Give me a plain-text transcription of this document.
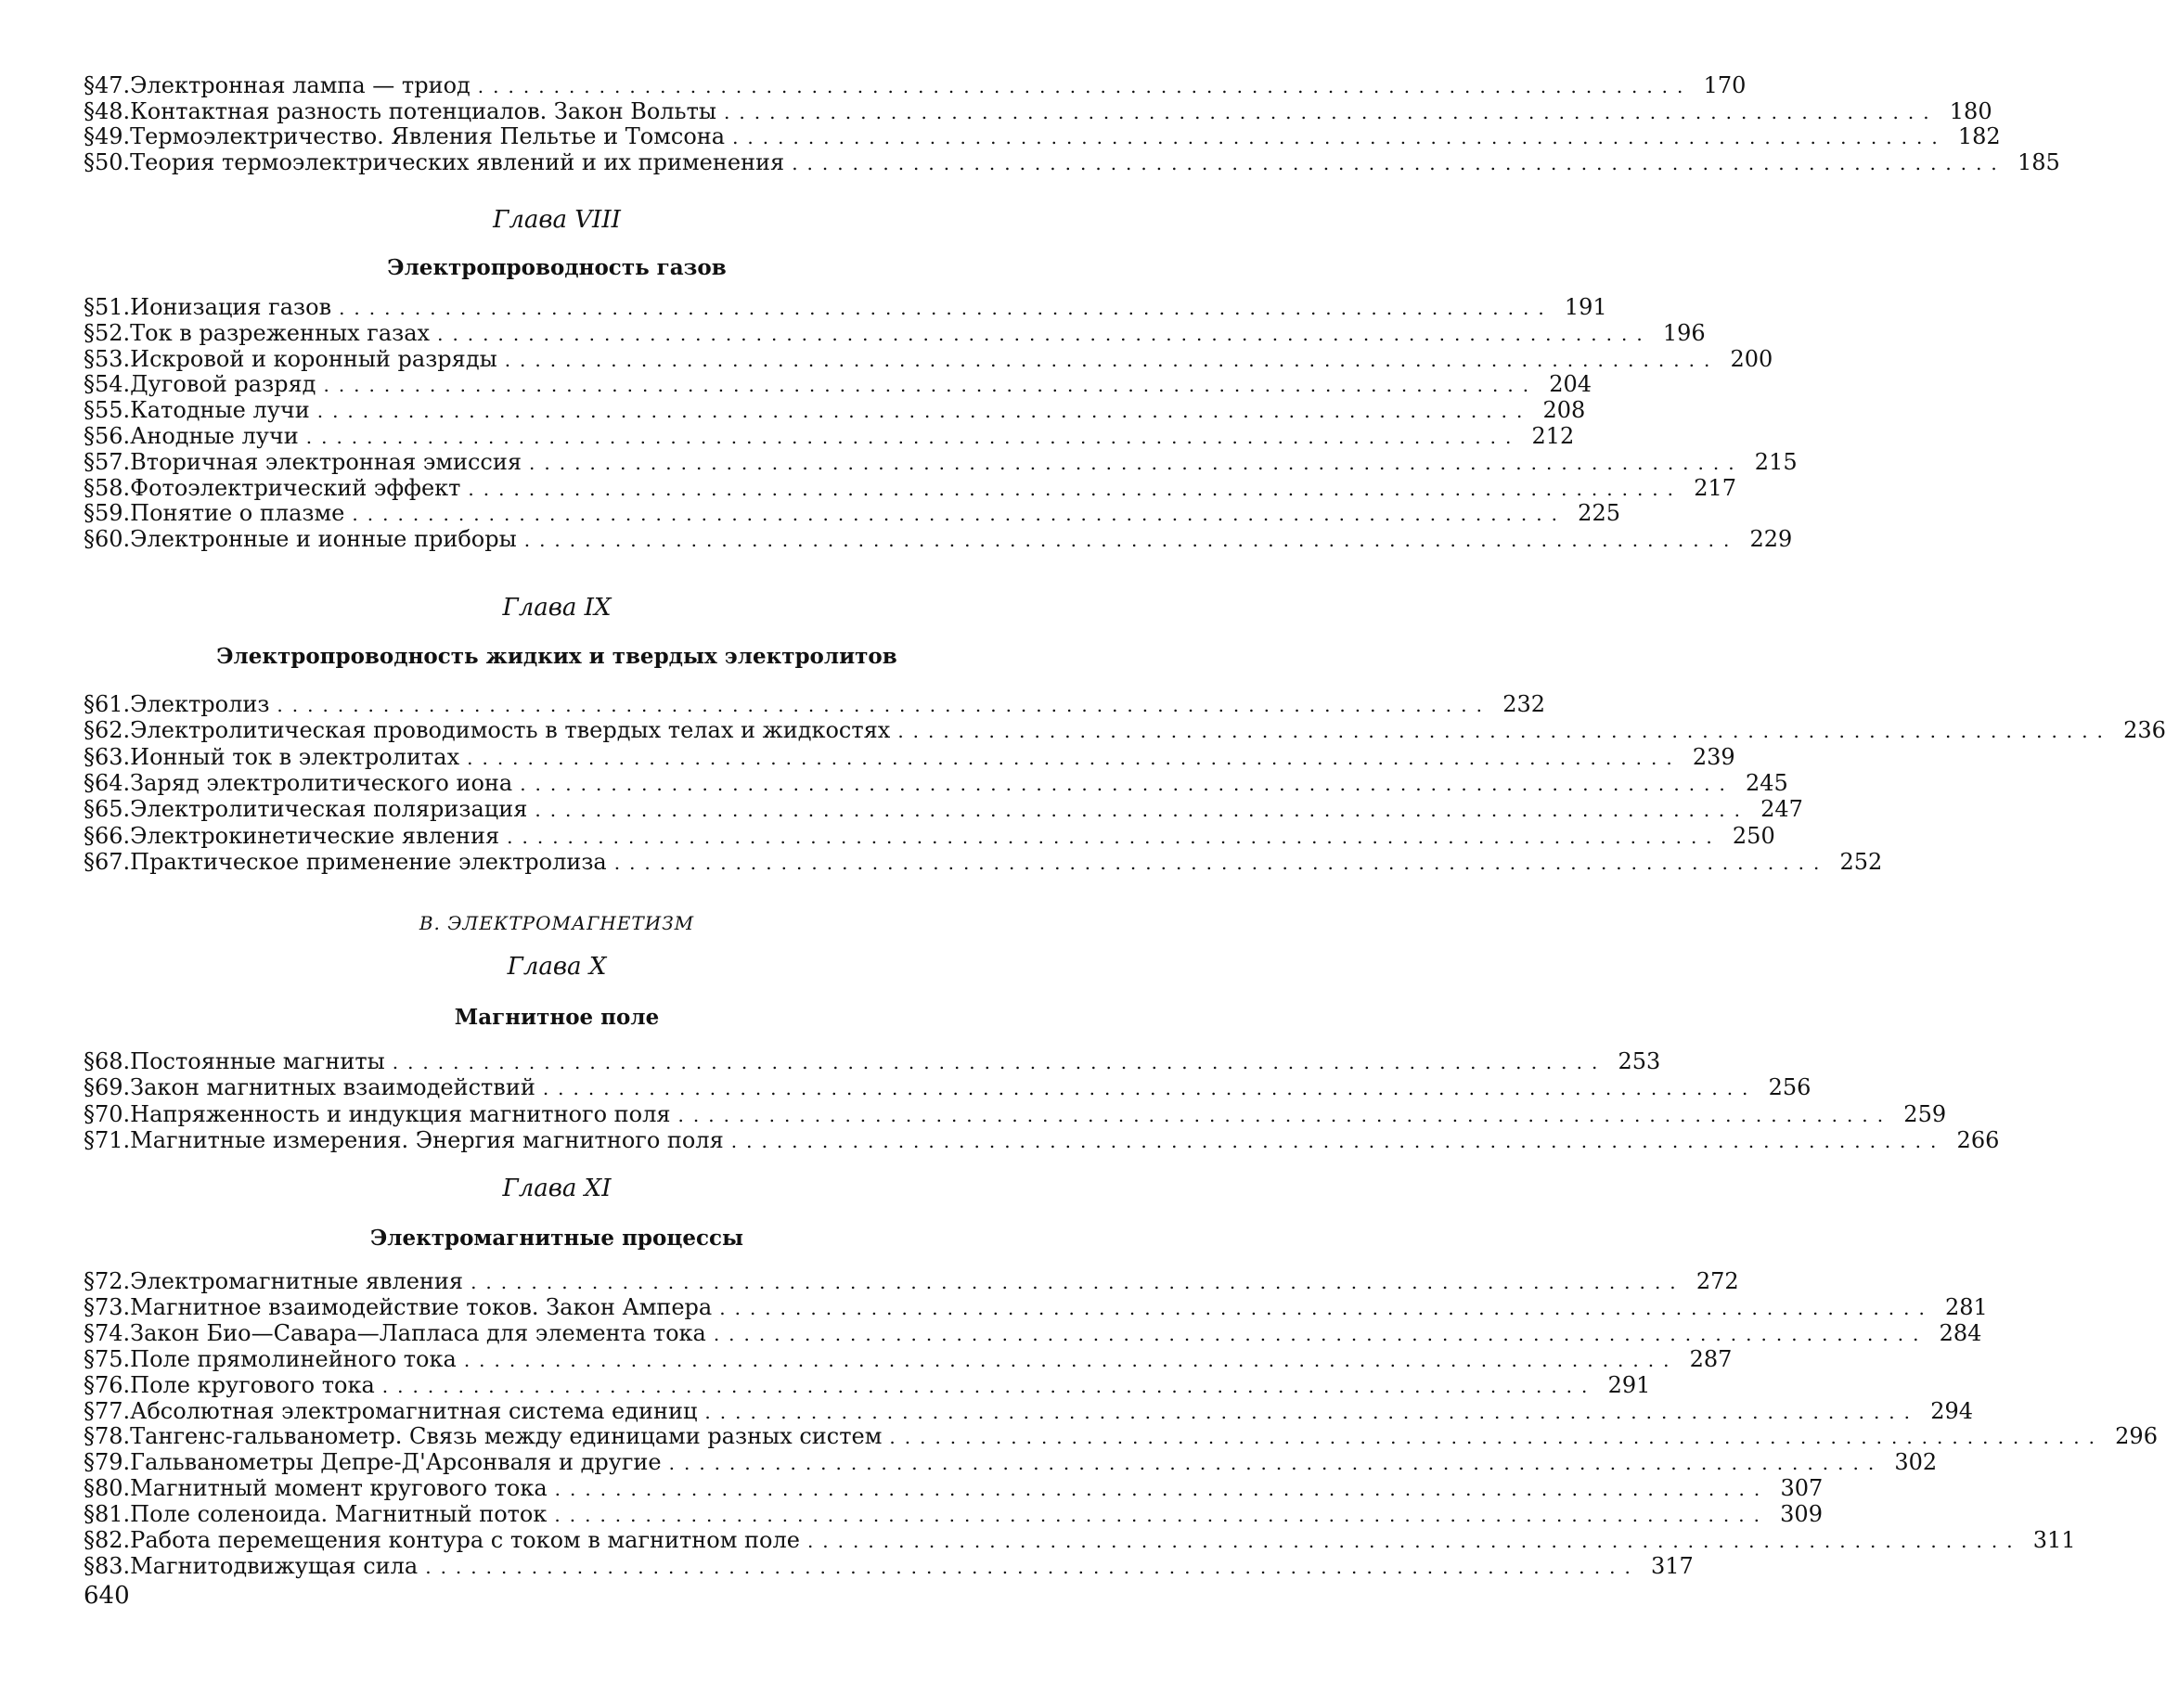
§ 47. Электронная лампа — триод ................................................................................ 170
§ 48. Контактная разность потенциалов. Закон Вольты ................................................................................ 180
§ 49. Термоэлектричество. Явления Пельтье и Томсона ................................................................................ 182
§ 50. Теория термоэлектрических явлений и их применения ................................................................................ 185
Глава VIII
Электропроводность газов
§ 51. Ионизация газов ................................................................................ 191
§ 52. Ток в разреженных газах ................................................................................ 196
§ 53. Искровой и коронный разряды ................................................................................ 200
§ 54. Дуговой разряд ................................................................................ 204
§ 55. Катодные лучи ................................................................................ 208
§ 56. Анодные лучи ................................................................................ 212
§ 57. Вторичная электронная эмиссия ................................................................................ 215
§ 58. Фотоэлектрический эффект ................................................................................ 217
§ 59. Понятие о плазме ................................................................................ 225
§ 60. Электронные и ионные приборы ................................................................................ 229
Глава IX
Электропроводность жидких и твердых электролитов
§ 61. Электролиз ................................................................................ 232
§ 62. Электролитическая проводимость в твердых телах и жидкостях ................................................................................ 236
§ 63. Ионный ток в электролитах ................................................................................ 239
§ 64. Заряд электролитического иона ................................................................................ 245
§ 65. Электролитическая поляризация ................................................................................ 247
§ 66. Электрокинетические явления ................................................................................ 250
§ 67. Практическое применение электролиза ................................................................................ 252
В. ЭЛЕКТРОМАГНЕТИЗМ
Глава X
Магнитное поле
§ 68. Постоянные магниты ................................................................................ 253
§ 69. Закон магнитных взаимодействий ................................................................................ 256
§ 70. Напряженность и индукция магнитного поля ................................................................................ 259
§ 71. Магнитные измерения. Энергия магнитного поля ................................................................................ 266
Глава XI
Электромагнитные процессы
§ 72. Электромагнитные явления ................................................................................ 272
§ 73. Магнитное взаимодействие токов. Закон Ампера ................................................................................ 281
§ 74. Закон Био—Савара—Лапласа для элемента тока ................................................................................ 284
§ 75. Поле прямолинейного тока ................................................................................ 287
§ 76. Поле кругового тока ................................................................................ 291
§ 77. Абсолютная электромагнитная система единиц ................................................................................ 294
§ 78. Тангенс-гальванометр. Связь между единицами разных систем ................................................................................ 296
§ 79. Гальванометры Депре-Д'Арсонваля и другие ................................................................................ 302
§ 80. Магнитный момент кругового тока ................................................................................ 307
§ 81. Поле соленоида. Магнитный поток ................................................................................ 309
§ 82. Работа перемещения контура с током в магнитном поле ................................................................................ 311
§ 83. Магнитодвижущая сила ................................................................................ 317
640
